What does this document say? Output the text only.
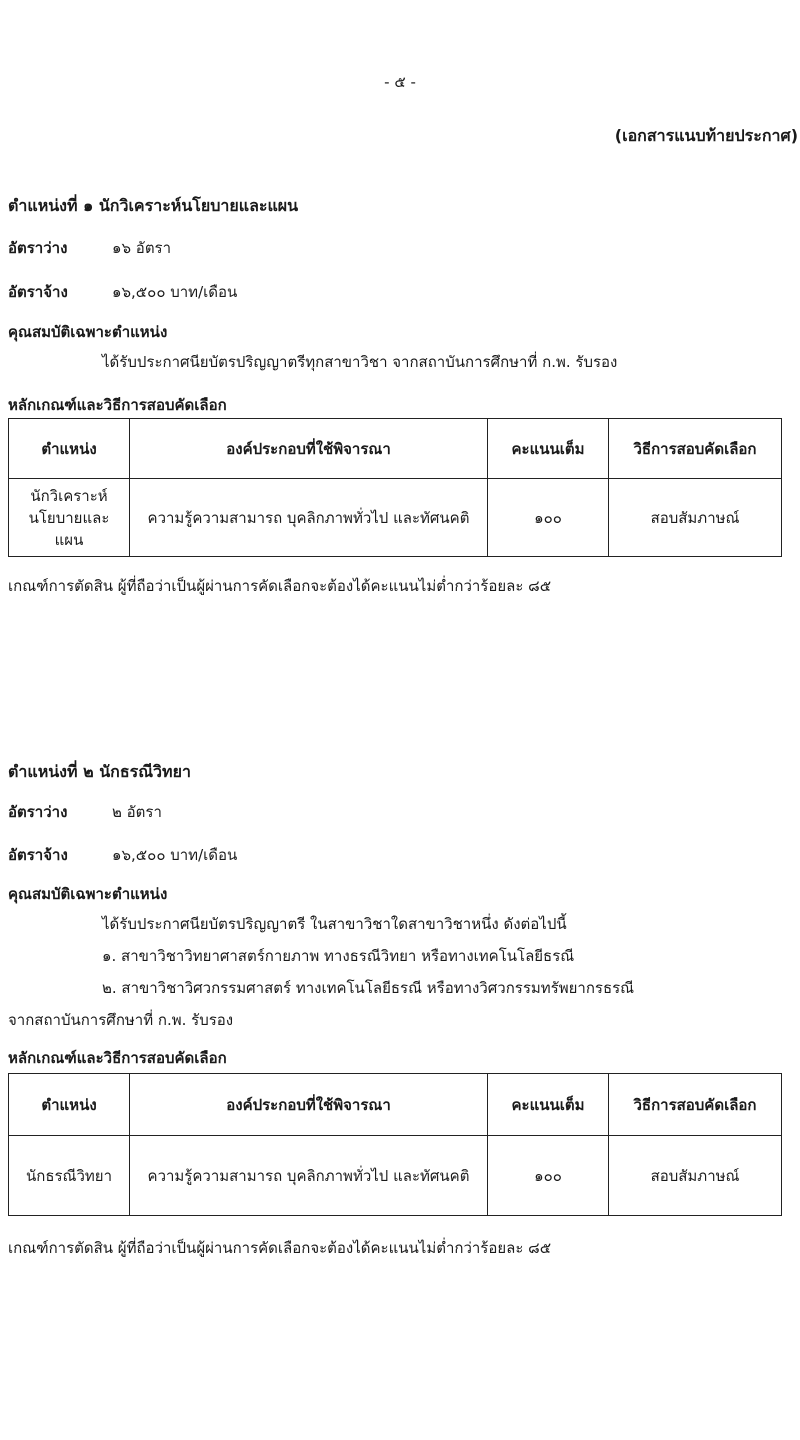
- ๕ -
(เอกสารแนบท้ายประกาศ)
ตำแหน่งที่ ๑ นักวิเคราะห์นโยบายและแผน
อัตราว่าง	๑๖ อัตรา
อัตราจ้าง	๑๖,๕๐๐ บาท/เดือน
คุณสมบัติเฉพาะตำแหน่ง
ได้รับประกาศนียบัตรปริญญาตรีทุกสาขาวิชา จากสถาบันการศึกษาที่ ก.พ. รับรอง
หลักเกณฑ์และวิธีการสอบคัดเลือก
ตำแหน่ง	องค์ประกอบที่ใช้พิจารณา	คะแนนเต็ม	วิธีการสอบคัดเลือก
นักวิเคราะห์นโยบายและแผน	ความรู้ความสามารถ บุคลิกภาพทั่วไป และทัศนคติ	๑๐๐	สอบสัมภาษณ์
เกณฑ์การตัดสิน ผู้ที่ถือว่าเป็นผู้ผ่านการคัดเลือกจะต้องได้คะแนนไม่ต่ำกว่าร้อยละ ๘๕
ตำแหน่งที่ ๒ นักธรณีวิทยา
อัตราว่าง	๒ อัตรา
อัตราจ้าง	๑๖,๕๐๐ บาท/เดือน
คุณสมบัติเฉพาะตำแหน่ง
ได้รับประกาศนียบัตรปริญญาตรี ในสาขาวิชาใดสาขาวิชาหนึ่ง ดังต่อไปนี้
๑. สาขาวิชาวิทยาศาสตร์กายภาพ ทางธรณีวิทยา หรือทางเทคโนโลยีธรณี
๒. สาขาวิชาวิศวกรรมศาสตร์ ทางเทคโนโลยีธรณี หรือทางวิศวกรรมทรัพยากรธรณี
จากสถาบันการศึกษาที่ ก.พ. รับรอง
หลักเกณฑ์และวิธีการสอบคัดเลือก
ตำแหน่ง	องค์ประกอบที่ใช้พิจารณา	คะแนนเต็ม	วิธีการสอบคัดเลือก
นักธรณีวิทยา	ความรู้ความสามารถ บุคลิกภาพทั่วไป และทัศนคติ	๑๐๐	สอบสัมภาษณ์
เกณฑ์การตัดสิน ผู้ที่ถือว่าเป็นผู้ผ่านการคัดเลือกจะต้องได้คะแนนไม่ต่ำกว่าร้อยละ ๘๕
